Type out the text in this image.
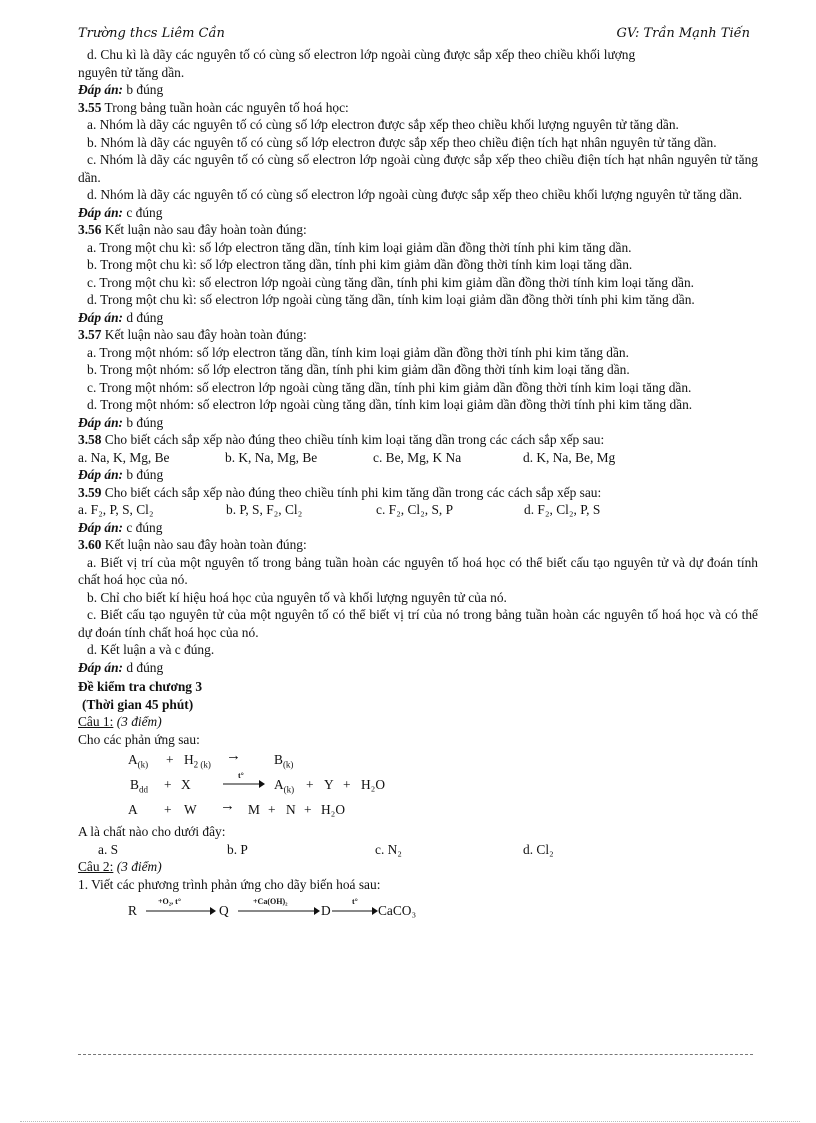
Trường thcs Liêm Cần	GV: Trần Mạnh Tiến

d. Chu kì là dãy các nguyên tố có cùng số electron lớp ngoài cùng được sắp xếp theo chiều khối lượng

nguyên tử tăng dần.

Đáp án: b đúng

3.55 Trong bảng tuần hoàn các nguyên tố hoá học:

a. Nhóm là dãy các nguyên tố có cùng số lớp electron được sắp xếp theo chiều khối lượng nguyên tử tăng dần.

b. Nhóm là dãy các nguyên tố có cùng số lớp electron được sắp xếp theo chiều điện tích hạt nhân nguyên tử tăng dần.

c. Nhóm là dãy các nguyên tố có cùng số electron lớp ngoài cùng được sắp xếp theo chiều điện tích hạt nhân nguyên tử tăng dần.

d. Nhóm là dãy các nguyên tố có cùng số electron lớp ngoài cùng được sắp xếp theo chiều khối lượng nguyên tử tăng dần.

Đáp án: c đúng

3.56 Kết luận nào sau đây hoàn toàn đúng:

a. Trong một chu kì: số lớp electron tăng dần, tính kim loại giảm dần đồng thời tính phi kim tăng dần.

b. Trong một chu kì: số lớp electron tăng dần, tính phi kim giảm dần đồng thời tính kim loại tăng dần.

c. Trong một chu kì: số electron lớp ngoài cùng tăng dần, tính phi kim giảm dần đồng thời tính kim loại tăng dần.

d. Trong một chu kì: số electron lớp ngoài cùng tăng dần, tính kim loại giảm dần đồng thời tính phi kim tăng dần.

Đáp án: d đúng

3.57 Kết luận nào sau đây hoàn toàn đúng:

a. Trong một nhóm: số lớp electron tăng dần, tính kim loại giảm dần đồng thời tính phi kim tăng dần.

b. Trong một nhóm: số lớp electron tăng dần, tính phi kim giảm dần đồng thời tính kim loại tăng dần.

c. Trong một nhóm: số electron lớp ngoài cùng tăng dần, tính phi kim giảm dần đồng thời tính kim loại tăng dần.

d. Trong một nhóm: số electron lớp ngoài cùng tăng dần, tính kim loại giảm dần đồng thời tính phi kim tăng dần.

Đáp án: b đúng

3.58 Cho biết cách sắp xếp nào đúng theo chiều tính kim loại tăng dần trong các cách sắp xếp sau:

a. Na, K, Mg, Be	b. K, Na, Mg, Be	c. Be, Mg, K Na	d. K, Na, Be, Mg

Đáp án: b đúng

3.59 Cho biết cách sắp xếp nào đúng theo chiều tính phi kim tăng dần trong các cách sắp xếp sau:

a. F₂, P, S, Cl₂	b. P, S, F₂, Cl₂	c. F₂, Cl₂, S, P	d. F₂, Cl₂, P, S

Đáp án: c đúng

3.60 Kết luận nào sau đây hoàn toàn đúng:

a. Biết vị trí của một nguyên tố trong bảng tuần hoàn các nguyên tố hoá học có thể biết cấu tạo nguyên tử và dự đoán tính chất hoá học của nó.

b. Chỉ cho biết kí hiệu hoá học của nguyên tố và khối lượng nguyên tử của nó.

c. Biết cấu tạo nguyên tử của một nguyên tố có thể biết vị trí của nó trong bảng tuần hoàn các nguyên tố hoá học và có thể dự đoán tính chất hoá học của nó.

d. Kết luận a và c đúng.

Đáp án: d đúng

Đề kiểm tra chương 3

(Thời gian 45 phút)

Câu 1: (3 điểm)

Cho các phản ứng sau:

$A_{(k)} + H_{2 (k)}$
→ $B_{(k)}$
$B_{dd} + X$
t°
$A_{(k)} + Y + H_2O$
A + W → M + N + H₂O

A là chất nào cho dưới đây:

a. S	b. P	c. N₂	d. Cl₂

Câu 2: (3 điểm)

1. Viết các phương trình phản ứng cho dãy biến hoá sau:

R
+O₂, t°
Q
+Ca(OH)₂
D
t°
CaCO₃
